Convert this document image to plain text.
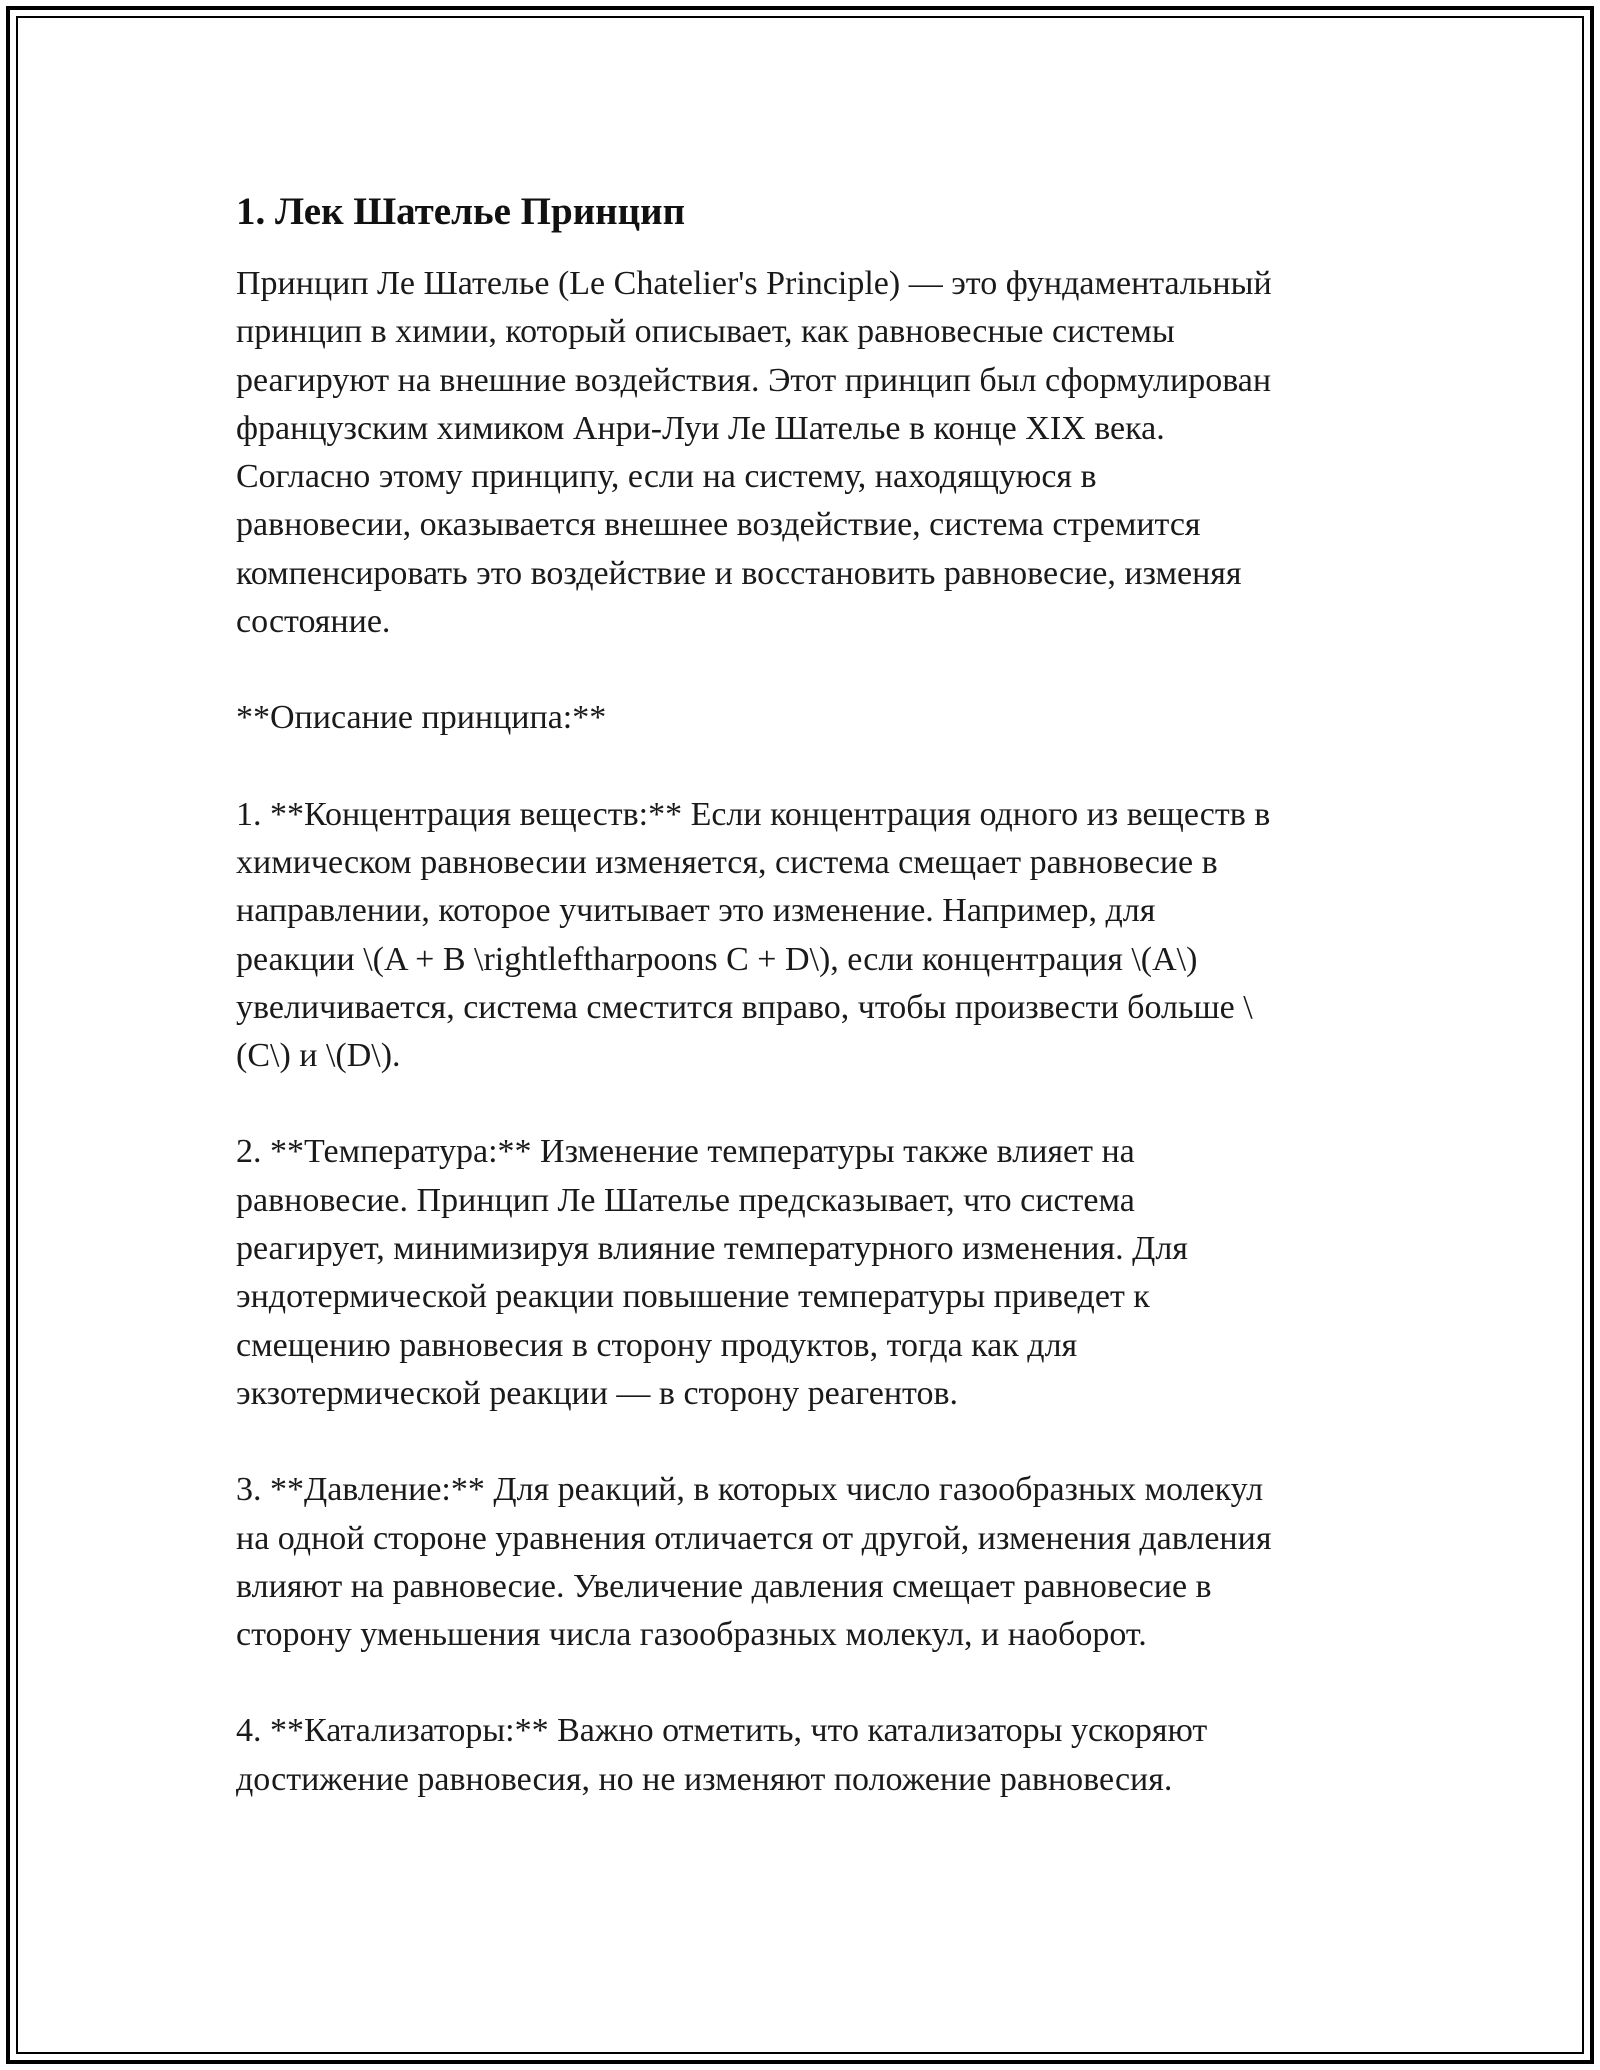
1. Лек Шателье Принцип

Принцип Ле Шателье (Le Chatelier's Principle) — это фундаментальный
принцип в химии, который описывает, как равновесные системы
реагируют на внешние воздействия. Этот принцип был сформулирован
французским химиком Анри-Луи Ле Шателье в конце XIX века.
Согласно этому принципу, если на систему, находящуюся в
равновесии, оказывается внешнее воздействие, система стремится
компенсировать это воздействие и восстановить равновесие, изменяя
состояние.

**Описание принципа:**

1. **Концентрация веществ:** Если концентрация одного из веществ в
химическом равновесии изменяется, система смещает равновесие в
направлении, которое учитывает это изменение. Например, для
реакции \(A + B \rightleftharpoons C + D\), если концентрация \(A\)
увеличивается, система сместится вправо, чтобы произвести больше \
(C\) и \(D\).

2. **Температура:** Изменение температуры также влияет на
равновесие. Принцип Ле Шателье предсказывает, что система
реагирует, минимизируя влияние температурного изменения. Для
эндотермической реакции повышение температуры приведет к
смещению равновесия в сторону продуктов, тогда как для
экзотермической реакции — в сторону реагентов.

3. **Давление:** Для реакций, в которых число газообразных молекул
на одной стороне уравнения отличается от другой, изменения давления
влияют на равновесие. Увеличение давления смещает равновесие в
сторону уменьшения числа газообразных молекул, и наоборот.

4. **Катализаторы:** Важно отметить, что катализаторы ускоряют
достижение равновесия, но не изменяют положение равновесия.
